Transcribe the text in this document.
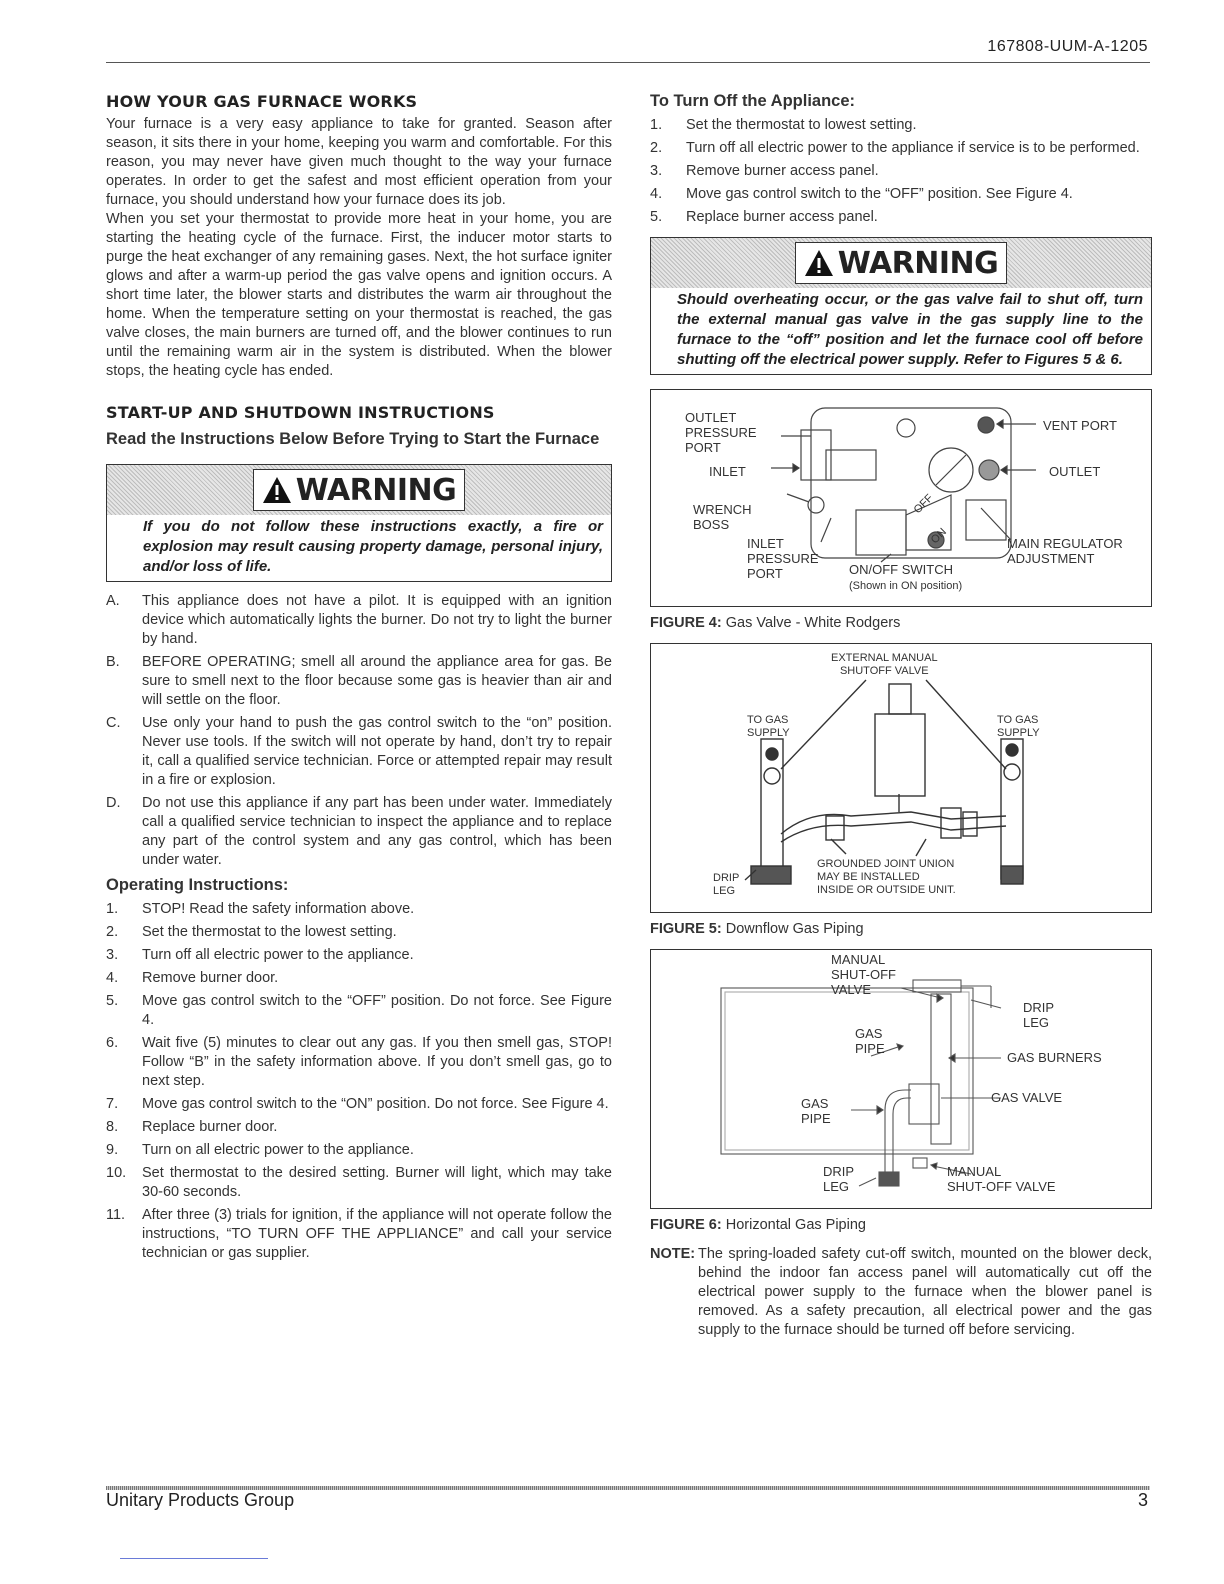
167808-UUM-A-1205
HOW YOUR GAS FURNACE WORKS

Your furnace is a very easy appliance to take for granted. Season after season, it sits there in your home, keeping you warm and comfortable. For this reason, you may never have given much thought to the way your furnace operates. In order to get the safest and most efficient operation from your furnace, you should understand how your furnace does its job.

When you set your thermostat to provide more heat in your home, you are starting the heating cycle of the furnace. First, the inducer motor starts to purge the heat exchanger of any remaining gases. Next, the hot surface igniter glows and after a warm-up period the gas valve opens and ignition occurs. A short time later, the blower starts and distributes the warm air throughout the home. When the temperature setting on your thermostat is reached, the gas valve closes, the main burners are turned off, and the blower continues to run until the remaining warm air in the system is distributed. When the blower stops, the heating cycle has ended.

START-UP AND SHUTDOWN INSTRUCTIONS
Read the Instructions Below Before Trying to Start the Furnace
WARNING
If you do not follow these instructions exactly, a fire or explosion may result causing property damage, personal injury, and/or loss of life.
A. This appliance does not have a pilot. It is equipped with an ignition device which automatically lights the burner. Do not try to light the burner by hand.
B. BEFORE OPERATING; smell all around the appliance area for gas. Be sure to smell next to the floor because some gas is heavier than air and will settle on the floor.
C. Use only your hand to push the gas control switch to the “on” position. Never use tools. If the switch will not operate by hand, don’t try to repair it, call a qualified service technician. Force or attempted repair may result in a fire or explosion.
D. Do not use this appliance if any part has been under water. Immediately call a qualified service technician to inspect the appliance and to replace any part of the control system and any gas control, which has been under water.
Operating Instructions:
1. STOP! Read the safety information above.
2. Set the thermostat to the lowest setting.
3. Turn off all electric power to the appliance.
4. Remove burner door.
5. Move gas control switch to the “OFF” position. Do not force. See Figure 4.
6. Wait five (5) minutes to clear out any gas. If you then smell gas, STOP! Follow “B” in the safety information above. If you don’t smell gas, go to next step.
7. Move gas control switch to the “ON” position. Do not force. See Figure 4.
8. Replace burner door.
9. Turn on all electric power to the appliance.
10. Set thermostat to the desired setting. Burner will light, which may take 30-60 seconds.
11. After three (3) trials for ignition, if the appliance will not operate follow the instructions, “TO TURN OFF THE APPLIANCE” and call your service technician or gas supplier.
To Turn Off the Appliance:
1. Set the thermostat to lowest setting.
2. Turn off all electric power to the appliance if service is to be performed.
3. Remove burner access panel.
4. Move gas control switch to the “OFF” position. See Figure 4.
5. Replace burner access panel.
WARNING
Should overheating occur, or the gas valve fail to shut off, turn the external manual gas valve in the gas supply line to the furnace to the “off” position and let the furnace cool off before shutting off the electrical power supply. Refer to Figures 5 & 6.
OUTLET
PRESSURE
PORT
VENT PORT
INLET	OUTLET
WRENCH
BOSS
INLET
PRESSURE
PORT	ON/OFF SWITCH
(Shown in ON position)
MAIN REGULATOR
ADJUSTMENT
OFF
ON
FIGURE 4: Gas Valve - White Rodgers
EXTERNAL MANUAL
SHUTOFF VALVE
TO GAS
SUPPLY
TO GAS
SUPPLY
GROUNDED JOINT UNION
MAY BE INSTALLED
INSIDE OR OUTSIDE UNIT.
DRIP
LEG
FIGURE 5: Downflow Gas Piping
MANUAL
SHUT-OFF
VALVE
DRIP
LEG
GAS
PIPE
GAS BURNERS
GAS VALVE
GAS
PIPE
DRIP
LEG
MANUAL
SHUT-OFF VALVE
FIGURE 6: Horizontal Gas Piping
NOTE: The spring-loaded safety cut-off switch, mounted on the blower deck, behind the indoor fan access panel will automatically cut off the electrical power supply to the furnace when the blower panel is removed. As a safety precaution, all electrical power and the gas supply to the furnace should be turned off before servicing.
Unitary Products Group	3
